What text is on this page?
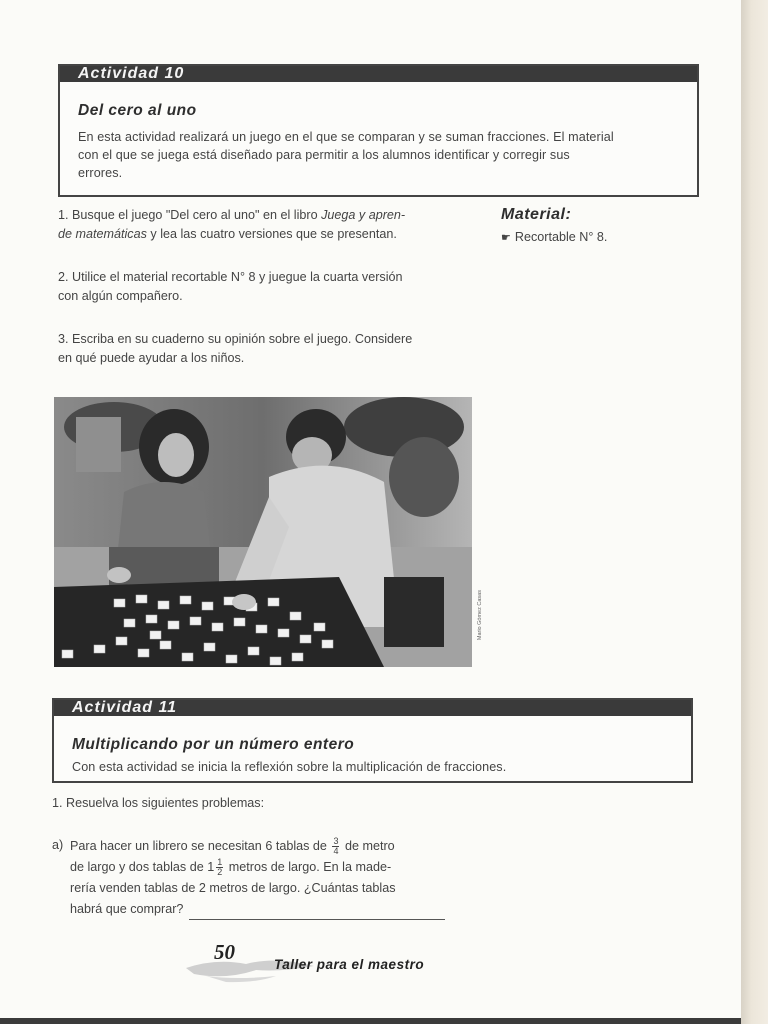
Actividad 10
Del cero al uno
En esta actividad realizará un juego en el que se comparan y se suman fracciones. El material
con el que se juega está diseñado para permitir a los alumnos identificar y corregir sus
errores.
1. Busque el juego "Del cero al uno" en el libro Juega y apren-
de matemáticas y lea las cuatro versiones que se presentan.
2. Utilice el material recortable N° 8 y juegue la cuarta versión
con algún compañero.
3. Escriba en su cuaderno su opinión sobre el juego. Considere
en qué puede ayudar a los niños.
Material:
☛ Recortable N° 8.
Mario Gómez Casas
Actividad 11
Multiplicando por un número entero
Con esta actividad se inicia la reflexión sobre la multiplicación de fracciones.
1. Resuelva los siguientes problemas:
a) Para hacer un librero se necesitan 6 tablas de $\frac{3}{4}$ de metro
de largo y dos tablas de $1 \frac{1}{2}$ metros de largo. En la made-
rería venden tablas de 2 metros de largo. ¿Cuántas tablas
habrá que comprar?
50
Taller para el maestro
